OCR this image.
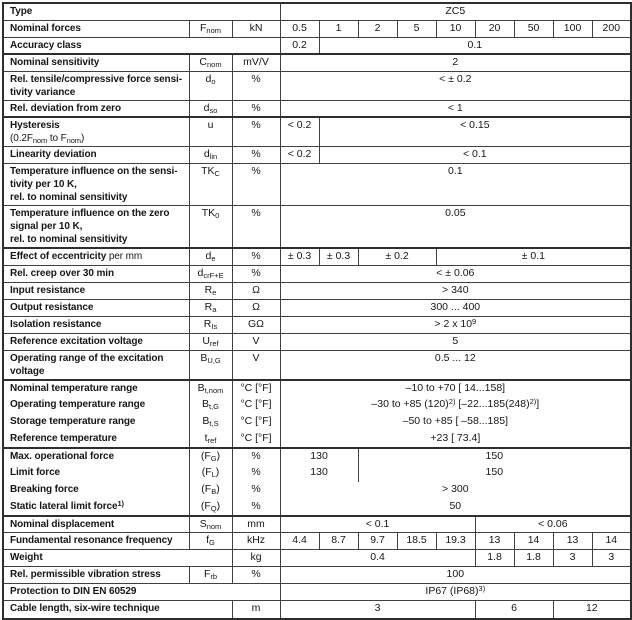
Type			ZC5								
Nominal forces	$F_{nom}$	kN	0.5	1	2	5	10	20	50	100	200
Accuracy class			0.2	0.1							
Nominal sensitivity	$C_{nom}$	mV/V	2								
Rel. tensile/compressive force sensi-
tivity variance	$d_o$	%	< ± 0.2								
Rel. deviation from zero	$d_{so}$	%	< 1								
Hysteresis
($0.2F_{nom}$ to $F_{nom}$)	u	%	< 0.2	< 0.15							
Linearity deviation	$d_{lin}$	%	< 0.2	< 0.1							
Temperature influence on the sensi-
tivity per 10 K,
rel. to nominal sensitivity	$TK_C$	%	0.1								
Temperature influence on the zero
signal per 10 K,
rel. to nominal sensitivity	$TK_0$	%	0.05								
Effect of eccentricity per mm	$d_e$	%	± 0.3	± 0.3	± 0.2		± 0.1				
Rel. creep over 30 min	$d_{crF+E}$	%	< ± 0.06								
Input resistance	$R_e$	Ω	> 340								
Output resistance	$R_a$	Ω	300 ... 400								
Isolation resistance	$R_{Is}$	GΩ	> 2 x $10^9$
Reference excitation voltage	$U_{ref}$	V	5								
Operating range of the excitation
voltage	$B_{U,G}$	V	0.5 ... 12								
Nominal temperature range	$B_{t,nom}$	°C [°F]	–10 to +70 [ 14...158]								
Operating temperature range	$B_{t,G}$	°C [°F]	–30 to +85 $(120)^{2)}$ $[-22...185(248)^{2)}]$								
Storage temperature range	$B_{t,S}$	°C [°F]	–50 to +85 [ –58...185]								
Reference temperature	$t_{ref}$	°C [°F]	+23 [ 73.4]								
Max. operational force	$(F_G)$	%	130		150						
Limit force	$(F_L)$	%	130		150						
Breaking force	$(F_B)$	%	> 300								
Static lateral limit force$^{1)}$	$(F_Q)$	%	50								
Nominal displacement	$S_{nom}$	mm	< 0.1					< 0.06			
Fundamental resonance frequency	$f_G$	kHz	4.4	8.7	9.7	18.5	19.3	13	14	13	14
Weight		kg	0.4					1.8	1.8	3	3
Rel. permissible vibration stress	$F_{rb}$	%	100								
Protection to DIN EN 60529			IP67 $(IP68)^{3)}$
Cable length, six-wire technique		m	3					6		12	
